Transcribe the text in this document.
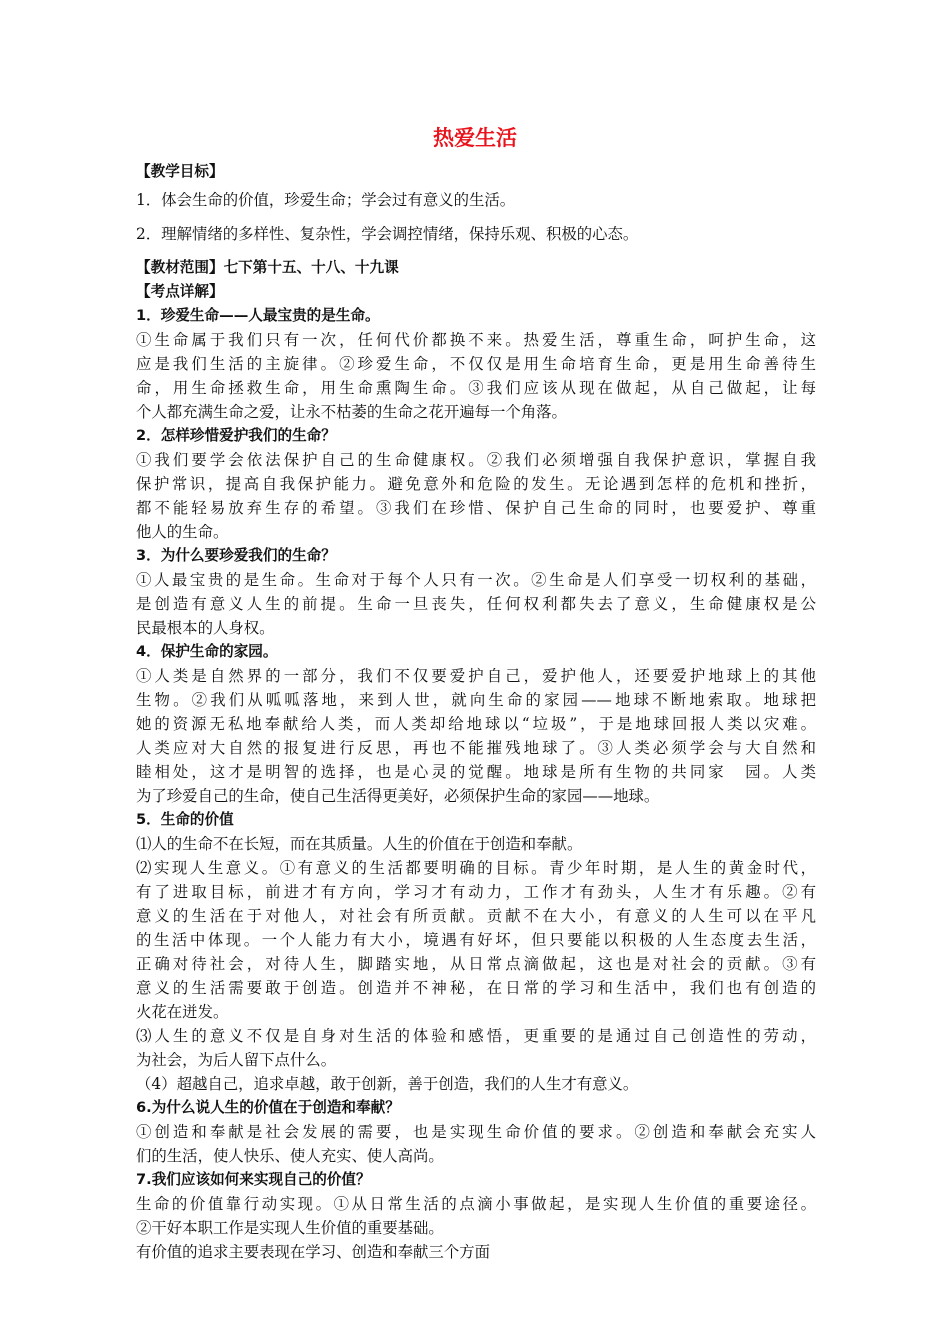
热爱生活
【教学目标】
1．体会生命的价值，珍爱生命；学会过有意义的生活。
2．理解情绪的多样性、复杂性，学会调控情绪，保持乐观、积极的心态。
【教材范围】七下第十五、十八、十九课
【考点详解】
1．珍爱生命——人最宝贵的是生命。
①生命属于我们只有一次，任何代价都换不来。热爱生活，尊重生命，呵护生命，这
应是我们生活的主旋律。②珍爱生命，不仅仅是用生命培育生命，更是用生命善待生
命，用生命拯救生命，用生命熏陶生命。③我们应该从现在做起，从自己做起，让每
个人都充满生命之爱，让永不枯萎的生命之花开遍每一个角落。
2．怎样珍惜爱护我们的生命？
①我们要学会依法保护自己的生命健康权。②我们必须增强自我保护意识，掌握自我
保护常识，提高自我保护能力。避免意外和危险的发生。无论遇到怎样的危机和挫折，
都不能轻易放弃生存的希望。③我们在珍惜、保护自己生命的同时，也要爱护、尊重
他人的生命。
3．为什么要珍爱我们的生命？
①人最宝贵的是生命。生命对于每个人只有一次。②生命是人们享受一切权利的基础，
是创造有意义人生的前提。生命一旦丧失，任何权利都失去了意义，生命健康权是公
民最根本的人身权。
4．保护生命的家园。
①人类是自然界的一部分，我们不仅要爱护自己，爱护他人，还要爱护地球上的其他
生物。②我们从呱呱落地，来到人世，就向生命的家园——地球不断地索取。地球把
她的资源无私地奉献给人类，而人类却给地球以“垃圾”，于是地球回报人类以灾难。
人类应对大自然的报复进行反思，再也不能摧残地球了。③人类必须学会与大自然和
睦相处，这才是明智的选择，也是心灵的觉醒。地球是所有生物的共同家　园。人类
为了珍爱自己的生命，使自己生活得更美好，必须保护生命的家园——地球。
5．生命的价值
⑴人的生命不在长短，而在其质量。人生的价值在于创造和奉献。
⑵实现人生意义。①有意义的生活都要明确的目标。青少年时期，是人生的黄金时代，
有了进取目标，前进才有方向，学习才有动力，工作才有劲头，人生才有乐趣。②有
意义的生活在于对他人，对社会有所贡献。贡献不在大小，有意义的人生可以在平凡
的生活中体现。一个人能力有大小，境遇有好坏，但只要能以积极的人生态度去生活，
正确对待社会，对待人生，脚踏实地，从日常点滴做起，这也是对社会的贡献。③有
意义的生活需要敢于创造。创造并不神秘，在日常的学习和生活中，我们也有创造的
火花在迸发。
⑶人生的意义不仅是自身对生活的体验和感悟，更重要的是通过自己创造性的劳动，
为社会，为后人留下点什么。
（4）超越自己，追求卓越，敢于创新，善于创造，我们的人生才有意义。
6.为什么说人生的价值在于创造和奉献？
①创造和奉献是社会发展的需要，也是实现生命价值的要求。②创造和奉献会充实人
们的生活，使人快乐、使人充实、使人高尚。
7.我们应该如何来实现自己的价值？
生命的价值靠行动实现。①从日常生活的点滴小事做起，是实现人生价值的重要途径。
②干好本职工作是实现人生价值的重要基础。
有价值的追求主要表现在学习、创造和奉献三个方面
